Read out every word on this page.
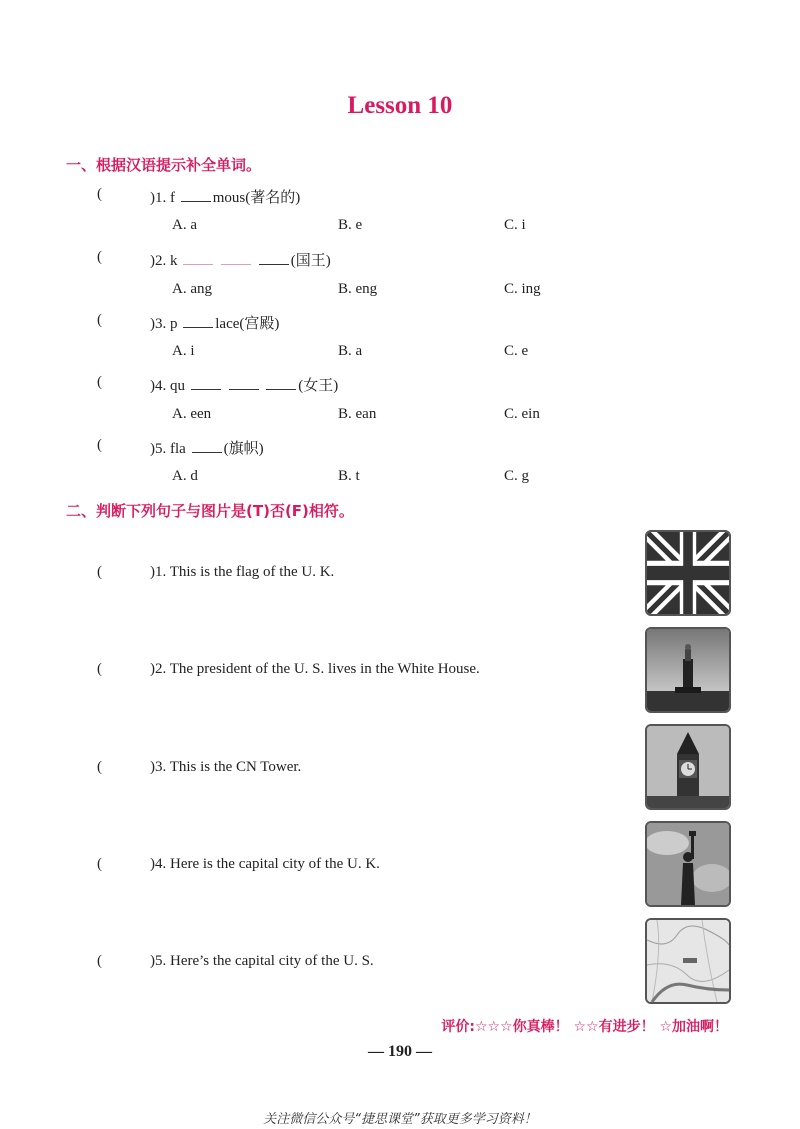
Lesson 10
一、根据汉语提示补全单词。
(	)1. f	mous(著名的)
A. a	B. e	C. i
(	)2. k	(国王)
A. ang	B. eng	C. ing
(	)3. p	lace(宫殿)
A. i	B. a	C. e
(	)4. qu	(女王)
A. een	B. ean	C. ein
(	)5. fla	(旗帜)
A. d	B. t	C. g
二、判断下列句子与图片是(T)否(F)相符。
(	)1. This is the flag of the U. K.
(	)2. The president of the U. S. lives in the White House.
(	)3. This is the CN Tower.
(	)4. Here is the capital city of the U. K.
(	)5. Here’s the capital city of the U. S.
评价:☆☆☆你真棒！ ☆☆有进步！ ☆加油啊！
— 190 —
关注微信公众号“捷思课堂”获取更多学习资料！
